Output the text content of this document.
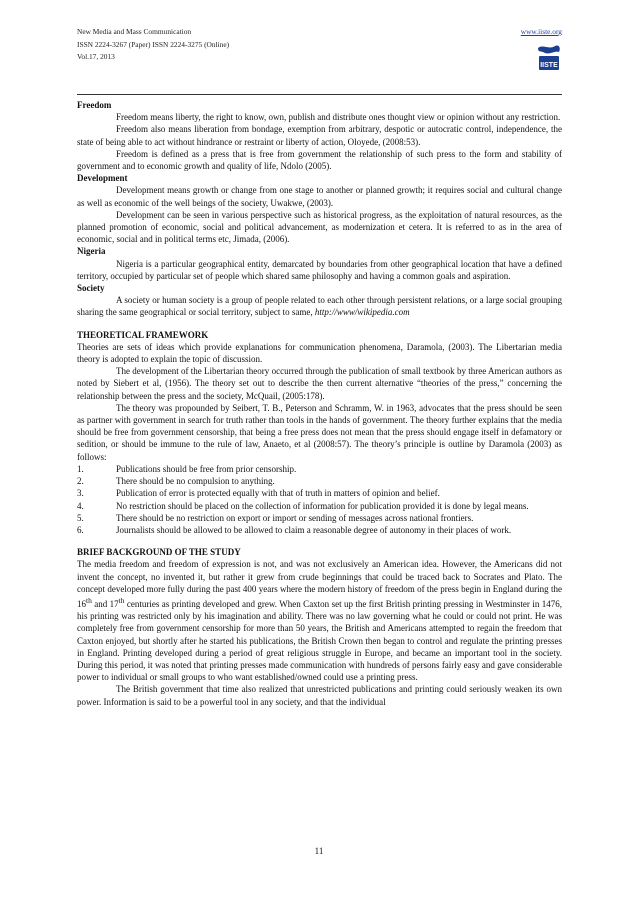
New Media and Mass Communication
ISSN 2224-3267 (Paper) ISSN 2224-3275 (Online)
Vol.17, 2013
www.iiste.org
IISTE

Freedom

Freedom means liberty, the right to know, own, publish and distribute ones thought view or opinion without any restriction.

Freedom also means liberation from bondage, exemption from arbitrary, despotic or autocratic control, independence, the state of being able to act without hindrance or restraint or liberty of action, Oloyede, (2008:53).

Freedom is defined as a press that is free from government the relationship of such press to the form and stability of government and to economic growth and quality of life, Ndolo (2005).

Development

Development means growth or change from one stage to another or planned growth; it requires social and cultural change as well as economic of the well beings of the society, Uwakwe, (2003).

Development can be seen in various perspective such as historical progress, as the exploitation of natural resources, as the planned promotion of economic, social and political advancement, as modernization et cetera. It is referred to as in the area of economic, social and in political terms etc, Jimada, (2006).

Nigeria

Nigeria is a particular geographical entity, demarcated by boundaries from other geographical location that have a defined territory, occupied by particular set of people which shared same philosophy and having a common goals and aspiration.

Society

A society or human society is a group of people related to each other through persistent relations, or a large social grouping sharing the same geographical or social territory, subject to same, http://www/wikipedia.com

THEORETICAL FRAMEWORK

Theories are sets of ideas which provide explanations for communication phenomena, Daramola, (2003). The Libertarian media theory is adopted to explain the topic of discussion.

The development of the Libertarian theory occurred through the publication of small textbook by three American authors as noted by Siebert et al, (1956). The theory set out to describe the then current alternative “theories of the press,” concerning the relationship between the press and the society, McQuail, (2005:178).

The theory was propounded by Seibert, T. B., Peterson and Schramm, W. in 1963, advocates that the press should be seen as partner with government in search for truth rather than tools in the hands of government. The theory further explains that the media should be free from government censorship, that being a free press does not mean that the press should engage itself in defamatory or sedition, or should be immune to the rule of law, Anaeto, et al (2008:57). The theory’s principle is outline by Daramola (2003) as follows:

1.	Publications should be free from prior censorship.
2.	There should be no compulsion to anything.
3.	Publication of error is protected equally with that of truth in matters of opinion and belief.
4.	No restriction should be placed on the collection of information for publication provided it is done by legal means.
5.	There should be no restriction on export or import or sending of messages across national frontiers.
6.	Journalists should be allowed to be allowed to claim a reasonable degree of autonomy in their places of work.

BRIEF BACKGROUND OF THE STUDY

The media freedom and freedom of expression is not, and was not exclusively an American idea. However, the Americans did not invent the concept, no invented it, but rather it grew from crude beginnings that could be traced back to Socrates and Plato. The concept developed more fully during the past 400 years where the modern history of freedom of the press begin in England during the 16th and 17th centuries as printing developed and grew. When Caxton set up the first British printing pressing in Westminster in 1476, his printing was restricted only by his imagination and ability. There was no law governing what he could or could not print. He was completely free from government censorship for more than 50 years, the British and Americans attempted to regain the freedom that Caxton enjoyed, but shortly after he started his publications, the British Crown then began to control and regulate the printing presses in England. Printing developed during a period of great religious struggle in Europe, and became an important tool in the society. During this period, it was noted that printing presses made communication with hundreds of persons fairly easy and gave considerable power to individual or small groups to who want established/owned could use a printing press.

The British government that time also realized that unrestricted publications and printing could seriously weaken its own power. Information is said to be a powerful tool in any society, and that the individual

11
